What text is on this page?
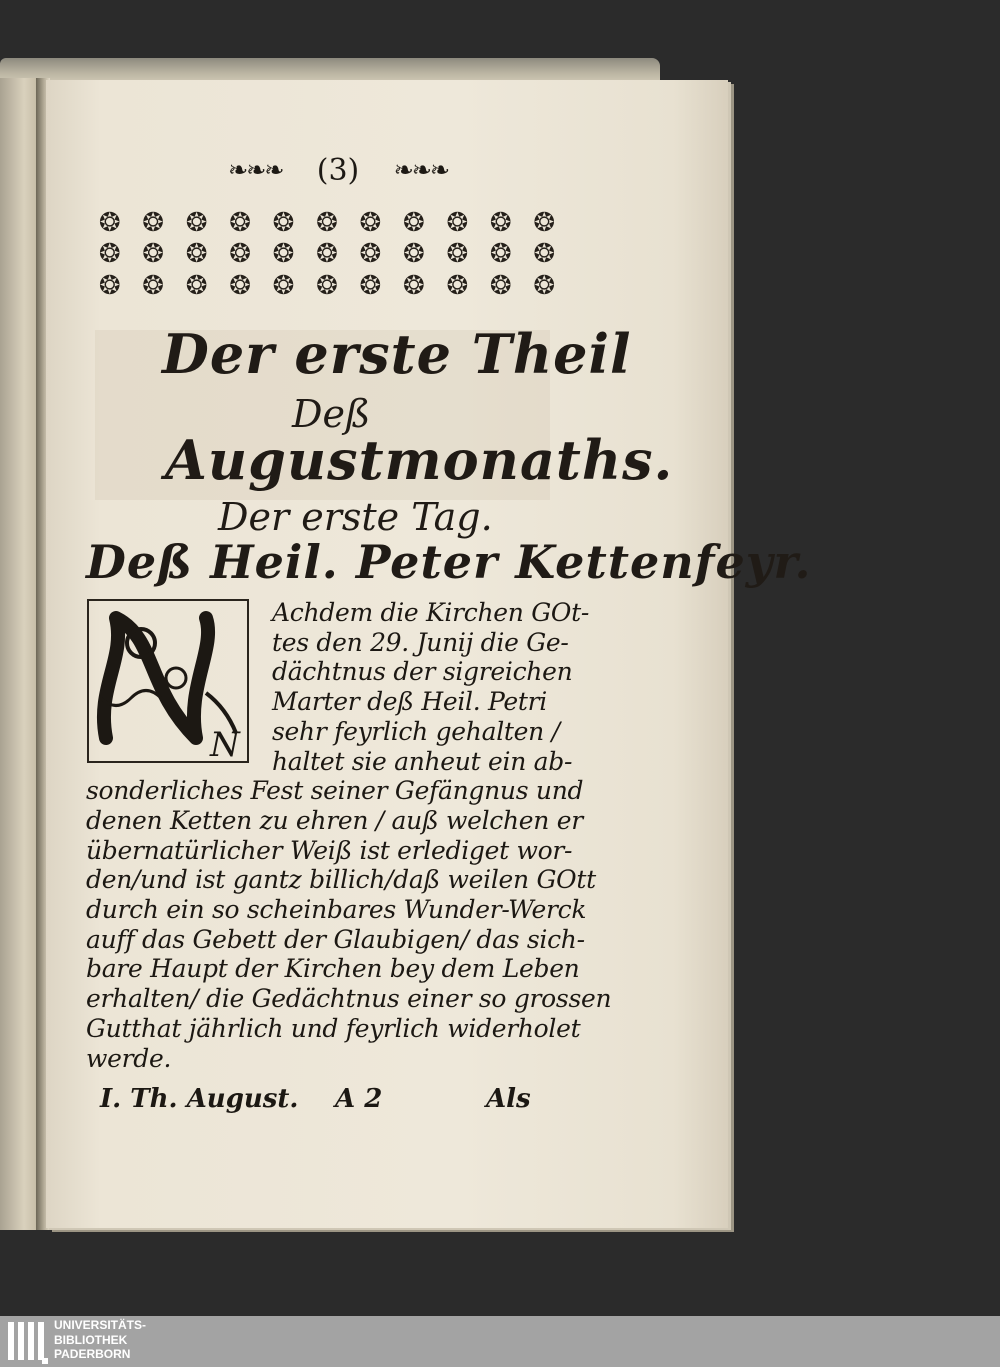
❧❧❧ (3) ❧❧❧
❂ ❂ ❂ ❂ ❂ ❂ ❂ ❂ ❂ ❂ ❂
❂ ❂ ❂ ❂ ❂ ❂ ❂ ❂ ❂ ❂ ❂
❂ ❂ ❂ ❂ ❂ ❂ ❂ ❂ ❂ ❂ ❂
Der erste Theil
Deß
Augustmonaths.
Der erste Tag.
Deß Heil. Peter Kettenfeyr.
N
Achdem die Kirchen GOt-
tes den 29. Junij die Ge-
dächtnus der sigreichen
Marter deß Heil. Petri
sehr feyrlich gehalten /
haltet sie anheut ein ab-
sonderliches Fest seiner Gefängnus und
denen Ketten zu ehren / auß welchen er
übernatürlicher Weiß ist erlediget wor-
den/und ist gantz billich/daß weilen GOtt
durch ein so scheinbares Wunder-Werck
auff das Gebett der Glaubigen/ das sich-
bare Haupt der Kirchen bey dem Leben
erhalten/ die Gedächtnus einer so grossen
Gutthat jährlich und feyrlich widerholet
werde.
I. Th. August. A 2	Als
UNIVERSITÄTS-
BIBLIOTHEK
PADERBORN
